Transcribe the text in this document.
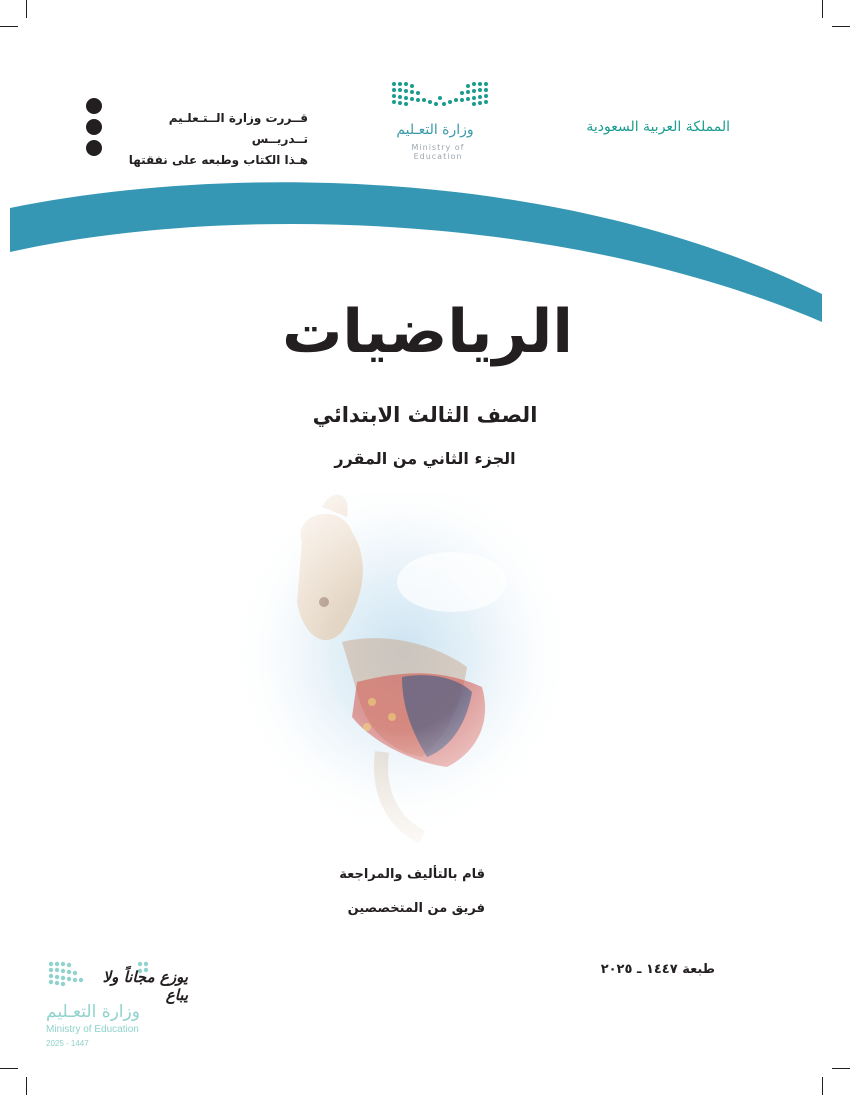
المملكة العربية السعودية
وزارة التعـليم
Ministry of Education
قــررت وزارة الــتـعلـيم تــدريــس
هـذا الكتاب وطبعه على نفقتها
الرياضيات
الصف الثالث الابتدائي
الجزء الثاني من المقرر
قام بالتأليف والمراجعة
فريق من المتخصصين
طبعة ١٤٤٧ ـ ٢٠٢٥
يوزع مجاناً ولا يباع
وزارة التعـليم
Ministry of Education
2025 - 1447
